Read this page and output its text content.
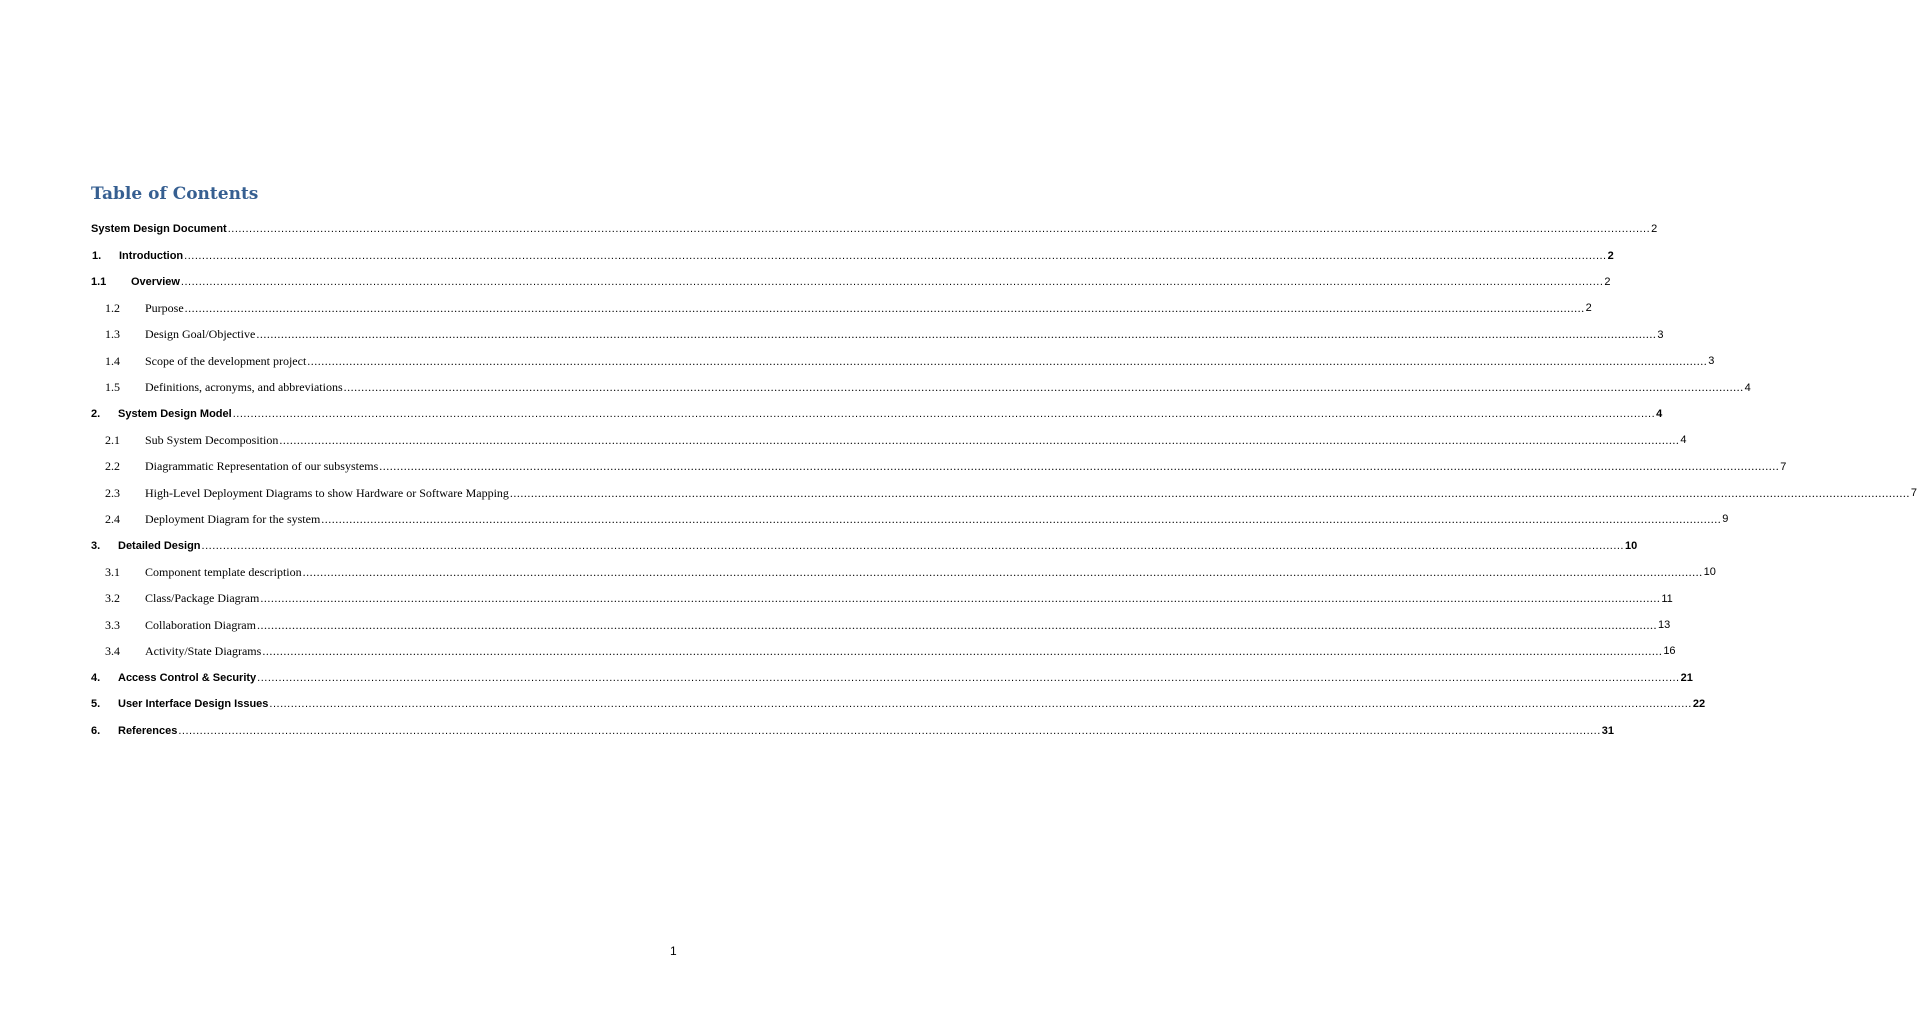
Table of Contents
System Design Document ................................................................................................................................................................................................................................................................................................................................................................................................................ 2
1.	Introduction ................................................................................................................................................................................................................................................................................................................................................................................................................ 2
1.1	Overview ................................................................................................................................................................................................................................................................................................................................................................................................................ 2
1.2	Purpose ................................................................................................................................................................................................................................................................................................................................................................................................................ 2
1.3	Design Goal/Objective ................................................................................................................................................................................................................................................................................................................................................................................................................ 3
1.4	Scope of the development project ................................................................................................................................................................................................................................................................................................................................................................................................................ 3
1.5	Definitions, acronyms, and abbreviations ................................................................................................................................................................................................................................................................................................................................................................................................................ 4
2.	System Design Model ................................................................................................................................................................................................................................................................................................................................................................................................................ 4
2.1	Sub System Decomposition ................................................................................................................................................................................................................................................................................................................................................................................................................ 4
2.2	Diagrammatic Representation of our subsystems ................................................................................................................................................................................................................................................................................................................................................................................................................ 7
2.3	High-Level Deployment Diagrams to show Hardware or Software Mapping ................................................................................................................................................................................................................................................................................................................................................................................................................ 7
2.4	Deployment Diagram for the system ................................................................................................................................................................................................................................................................................................................................................................................................................ 9
3.	Detailed Design ................................................................................................................................................................................................................................................................................................................................................................................................................ 10
3.1	Component template description ................................................................................................................................................................................................................................................................................................................................................................................................................ 10
3.2	Class/Package Diagram ................................................................................................................................................................................................................................................................................................................................................................................................................ 11
3.3	Collaboration Diagram ................................................................................................................................................................................................................................................................................................................................................................................................................ 13
3.4	Activity/State Diagrams ................................................................................................................................................................................................................................................................................................................................................................................................................ 16
4.	Access Control & Security ................................................................................................................................................................................................................................................................................................................................................................................................................ 21
5.	User Interface Design Issues ................................................................................................................................................................................................................................................................................................................................................................................................................ 22
6.	References ................................................................................................................................................................................................................................................................................................................................................................................................................ 31
1
